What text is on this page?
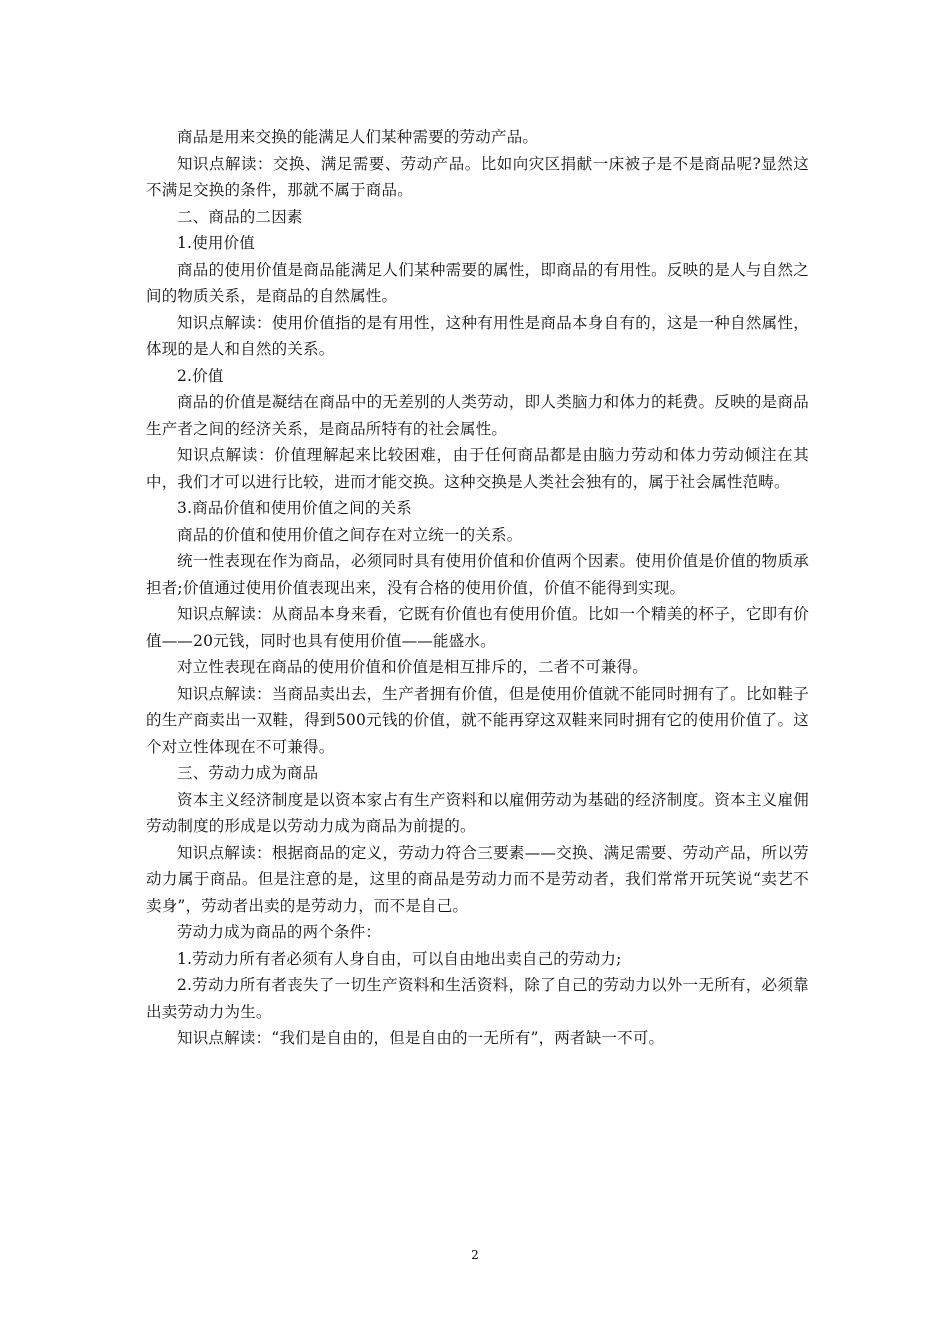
商品是用来交换的能满足人们某种需要的劳动产品。

知识点解读：交换、满足需要、劳动产品。比如向灾区捐献一床被子是不是商品呢?显然这不满足交换的条件，那就不属于商品。

二、商品的二因素

1.使用价值

商品的使用价值是商品能满足人们某种需要的属性，即商品的有用性。反映的是人与自然之间的物质关系，是商品的自然属性。

知识点解读：使用价值指的是有用性，这种有用性是商品本身自有的，这是一种自然属性，体现的是人和自然的关系。

2.价值

商品的价值是凝结在商品中的无差别的人类劳动，即人类脑力和体力的耗费。反映的是商品生产者之间的经济关系，是商品所特有的社会属性。

知识点解读：价值理解起来比较困难，由于任何商品都是由脑力劳动和体力劳动倾注在其中，我们才可以进行比较，进而才能交换。这种交换是人类社会独有的，属于社会属性范畴。

3.商品价值和使用价值之间的关系

商品的价值和使用价值之间存在对立统一的关系。

统一性表现在作为商品，必须同时具有使用价值和价值两个因素。使用价值是价值的物质承担者;价值通过使用价值表现出来，没有合格的使用价值，价值不能得到实现。

知识点解读：从商品本身来看，它既有价值也有使用价值。比如一个精美的杯子，它即有价值——20元钱，同时也具有使用价值——能盛水。

对立性表现在商品的使用价值和价值是相互排斥的，二者不可兼得。

知识点解读：当商品卖出去，生产者拥有价值，但是使用价值就不能同时拥有了。比如鞋子的生产商卖出一双鞋，得到500元钱的价值，就不能再穿这双鞋来同时拥有它的使用价值了。这个对立性体现在不可兼得。

三、劳动力成为商品

资本主义经济制度是以资本家占有生产资料和以雇佣劳动为基础的经济制度。资本主义雇佣劳动制度的形成是以劳动力成为商品为前提的。

知识点解读：根据商品的定义，劳动力符合三要素——交换、满足需要、劳动产品，所以劳动力属于商品。但是注意的是，这里的商品是劳动力而不是劳动者，我们常常开玩笑说“卖艺不卖身”，劳动者出卖的是劳动力，而不是自己。

劳动力成为商品的两个条件：

1.劳动力所有者必须有人身自由，可以自由地出卖自己的劳动力;

2.劳动力所有者丧失了一切生产资料和生活资料，除了自己的劳动力以外一无所有，必须靠出卖劳动力为生。

知识点解读：“我们是自由的，但是自由的一无所有”，两者缺一不可。

2
